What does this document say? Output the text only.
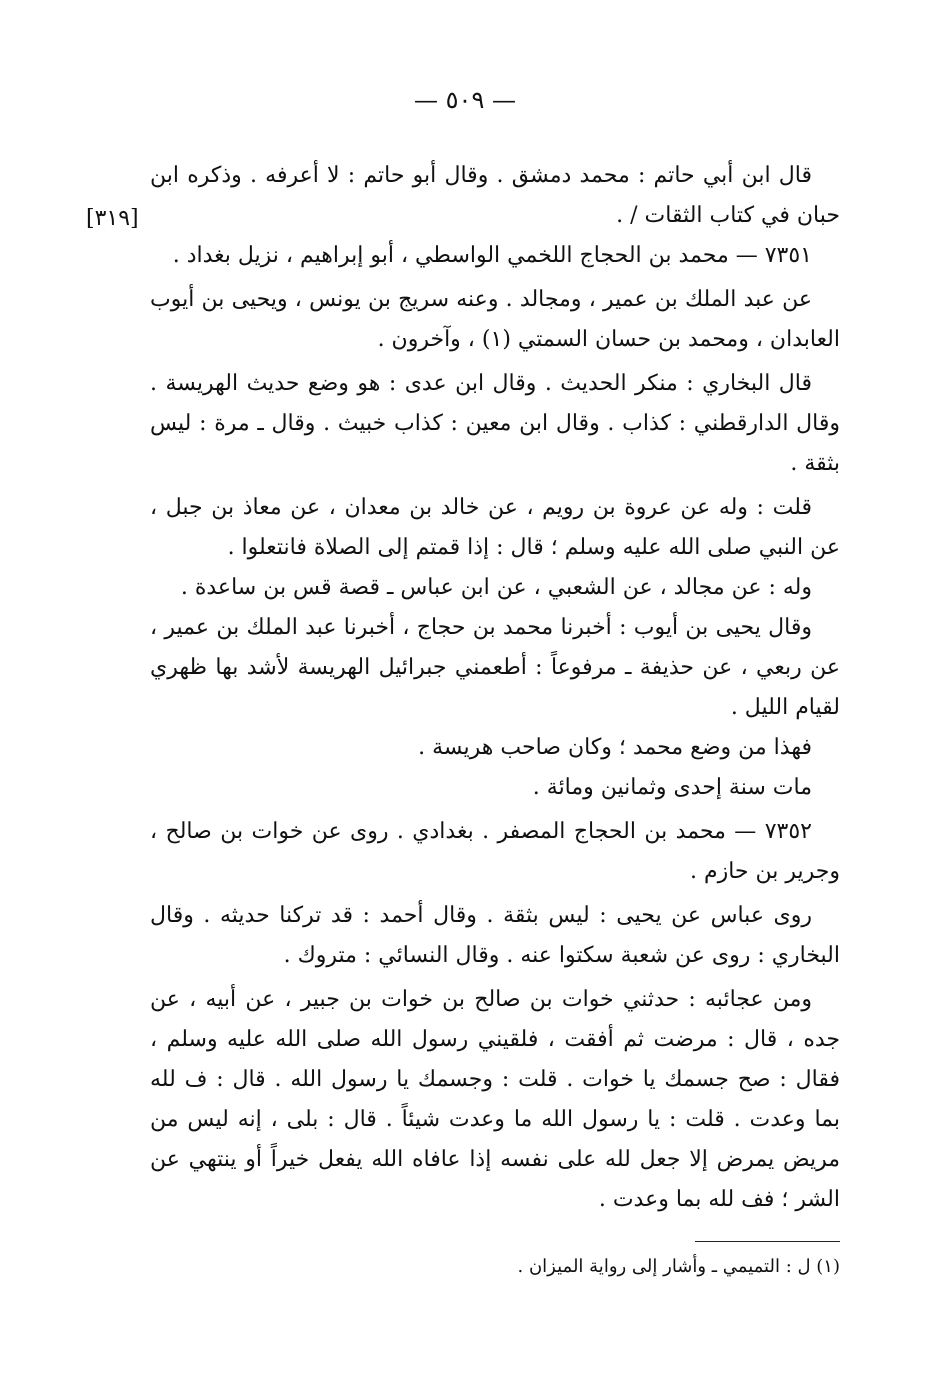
— ٥٠٩ —
[٣١٩]

قال ابن أبي حاتم : محمد دمشق . وقال أبو حاتم : لا أعرفه . وذكره ابن حبان في كتاب الثقات / .

٧٣٥١ — محمد بن الحجاج اللخمي الواسطي ، أبو إبراهيم ، نزيل بغداد .

عن عبد الملك بن عمير ، ومجالد . وعنه سريج بن يونس ، ويحيى بن أيوب العابدان ، ومحمد بن حسان السمتي (١) ، وآخرون .

قال البخاري : منكر الحديث . وقال ابن عدى : هو وضع حديث الهريسة . وقال الدارقطني : كذاب . وقال ابن معين : كذاب خبيث . وقال ـ مرة : ليس بثقة .

قلت : وله عن عروة بن رويم ، عن خالد بن معدان ، عن معاذ بن جبل ، عن النبي صلى الله عليه وسلم ؛ قال : إذا قمتم إلى الصلاة فانتعلوا .

وله : عن مجالد ، عن الشعبي ، عن ابن عباس ـ قصة قس بن ساعدة .

وقال يحيى بن أيوب : أخبرنا محمد بن حجاج ، أخبرنا عبد الملك بن عمير ، عن ربعي ، عن حذيفة ـ مرفوعاً : أطعمني جبرائيل الهريسة لأشد بها ظهري لقيام الليل .

فهذا من وضع محمد ؛ وكان صاحب هريسة .

مات سنة إحدى وثمانين ومائة .

٧٣٥٢ — محمد بن الحجاج المصفر . بغدادي . روى عن خوات بن صالح ، وجرير بن حازم .

روى عباس عن يحيى : ليس بثقة . وقال أحمد : قد تركنا حديثه . وقال البخاري : روى عن شعبة سكتوا عنه . وقال النسائي : متروك .

ومن عجائبه : حدثني خوات بن صالح بن خوات بن جبير ، عن أبيه ، عن جده ، قال : مرضت ثم أفقت ، فلقيني رسول الله صلى الله عليه وسلم ، فقال : صح جسمك يا خوات . قلت : وجسمك يا رسول الله . قال : ف لله بما وعدت . قلت : يا رسول الله ما وعدت شيئاً . قال : بلى ، إنه ليس من مريض يمرض إلا جعل لله على نفسه إذا عافاه الله يفعل خيراً أو ينتهي عن الشر ؛ فف لله بما وعدت .

(١) ل : التميمي ـ وأشار إلى رواية الميزان .
